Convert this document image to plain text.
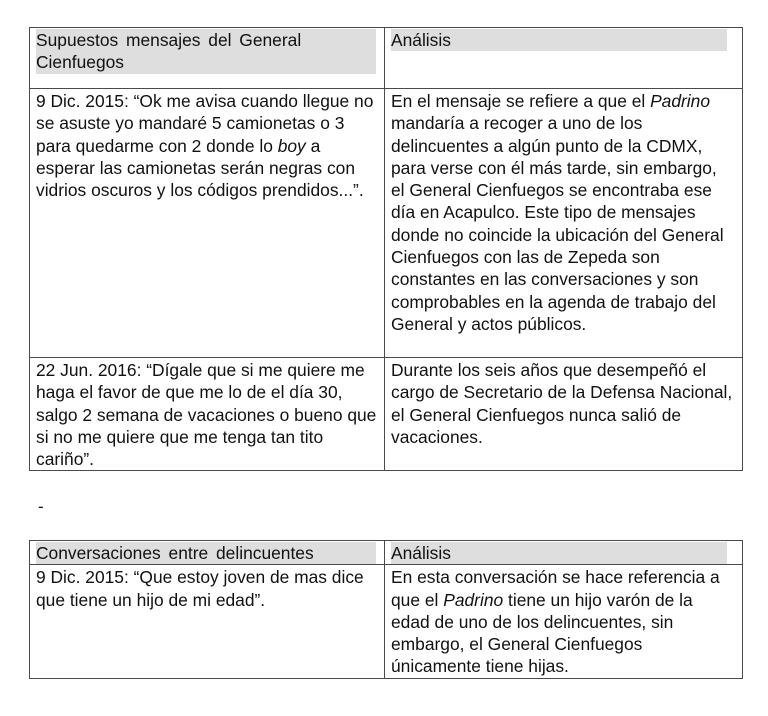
Supuestos mensajes del General Cienfuegos	Análisis

9 Dic. 2015: “Ok me avisa cuando llegue no se asuste yo mandaré 5 camionetas o 3 para quedarme con 2 donde lo boy a esperar las camionetas serán negras con vidrios oscuros y los códigos prendidos...”.	En el mensaje se refiere a que el Padrino mandaría a recoger a uno de los delincuentes a algún punto de la CDMX, para verse con él más tarde, sin embargo, el General Cienfuegos se encontraba ese día en Acapulco. Este tipo de mensajes donde no coincide la ubicación del General Cienfuegos con las de Zepeda son constantes en las conversaciones y son comprobables en la agenda de trabajo del General y actos públicos.

22 Jun. 2016: “Dígale que si me quiere me haga el favor de que me lo de el día 30, salgo 2 semana de vacaciones o bueno que si no me quiere que me tenga tan tito cariño”.	Durante los seis años que desempeñó el cargo de Secretario de la Defensa Nacional, el General Cienfuegos nunca salió de vacaciones.
-
Conversaciones entre delincuentes	Análisis

9 Dic. 2015: “Que estoy joven de mas dice que tiene un hijo de mi edad”.	En esta conversación se hace referencia a que el Padrino tiene un hijo varón de la edad de uno de los delincuentes, sin embargo, el General Cienfuegos únicamente tiene hijas.
